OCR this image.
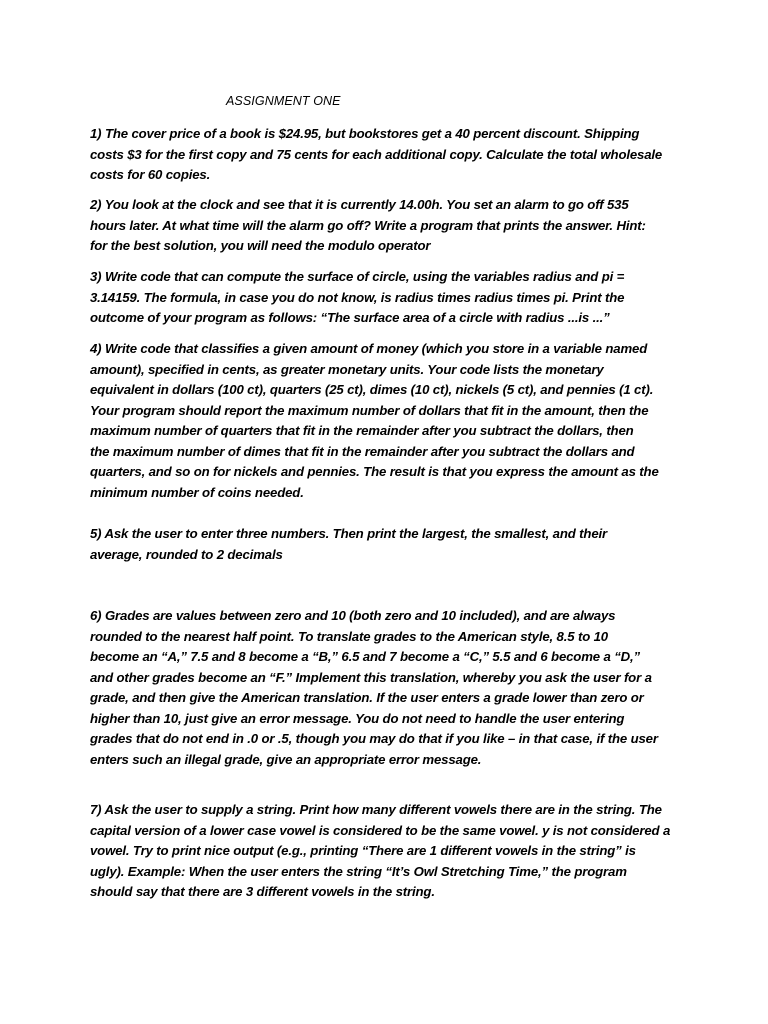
ASSIGNMENT ONE
1) The cover price of a book is $24.95, but bookstores get a 40 percent discount. Shipping
costs $3 for the first copy and 75 cents for each additional copy. Calculate the total wholesale
costs for 60 copies.
2) You look at the clock and see that it is currently 14.00h. You set an alarm to go off 535
hours later. At what time will the alarm go off? Write a program that prints the answer. Hint:
for the best solution, you will need the modulo operator
3) Write code that can compute the surface of circle, using the variables radius and pi =
3.14159. The formula, in case you do not know, is radius times radius times pi. Print the
outcome of your program as follows: “The surface area of a circle with radius ...is ...”
4) Write code that classifies a given amount of money (which you store in a variable named
amount), specified in cents, as greater monetary units. Your code lists the monetary
equivalent in dollars (100 ct), quarters (25 ct), dimes (10 ct), nickels (5 ct), and pennies (1 ct).
Your program should report the maximum number of dollars that fit in the amount, then the
maximum number of quarters that fit in the remainder after you subtract the dollars, then
the maximum number of dimes that fit in the remainder after you subtract the dollars and
quarters, and so on for nickels and pennies. The result is that you express the amount as the
minimum number of coins needed.
5) Ask the user to enter three numbers. Then print the largest, the smallest, and their
average, rounded to 2 decimals
6) Grades are values between zero and 10 (both zero and 10 included), and are always
rounded to the nearest half point. To translate grades to the American style, 8.5 to 10
become an “A,” 7.5 and 8 become a “B,” 6.5 and 7 become a “C,” 5.5 and 6 become a “D,”
and other grades become an “F.” Implement this translation, whereby you ask the user for a
grade, and then give the American translation. If the user enters a grade lower than zero or
higher than 10, just give an error message. You do not need to handle the user entering
grades that do not end in .0 or .5, though you may do that if you like – in that case, if the user
enters such an illegal grade, give an appropriate error message.
7) Ask the user to supply a string. Print how many different vowels there are in the string. The
capital version of a lower case vowel is considered to be the same vowel. y is not considered a
vowel. Try to print nice output (e.g., printing “There are 1 different vowels in the string” is
ugly). Example: When the user enters the string “It’s Owl Stretching Time,” the program
should say that there are 3 different vowels in the string.
